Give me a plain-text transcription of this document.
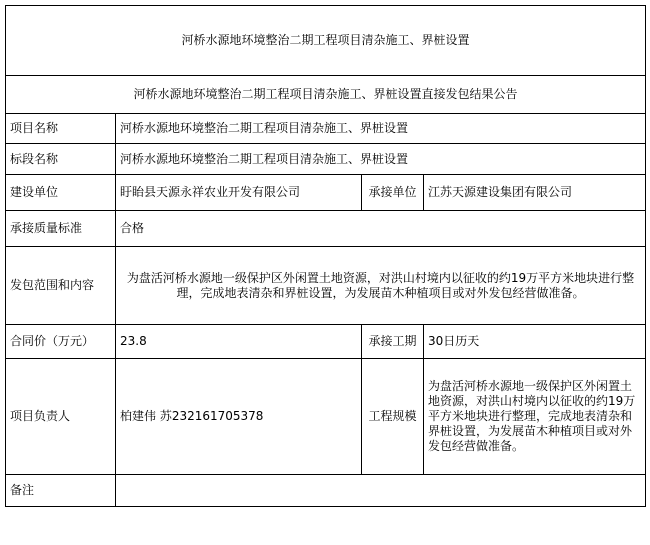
河桥水源地环境整治二期工程项目清杂施工、界桩设置			
河桥水源地环境整治二期工程项目清杂施工、界桩设置直接发包结果公告			
项目名称	河桥水源地环境整治二期工程项目清杂施工、界桩设置		
标段名称	河桥水源地环境整治二期工程项目清杂施工、界桩设置		
建设单位	盱眙县天源永祥农业开发有限公司	承接单位	江苏天源建设集团有限公司
承接质量标准	合格		
发包范围和内容	为盘活河桥水源地一级保护区外闲置土地资源，对洪山村境内以征收的约19万平方米地块进行整理，完成地表清杂和界桩设置，为发展苗木种植项目或对外发包经营做准备。		

合同价（万元）	23.8	承接工期	30日历天
项目负责人	柏建伟 苏232161705378	工程规模	为盘活河桥水源地一级保护区外闲置土地资源，对洪山村境内以征收的约19万平方米地块进行整理，完成地表清杂和界桩设置，为发展苗木种植项目或对外发包经营做准备。

备注			
